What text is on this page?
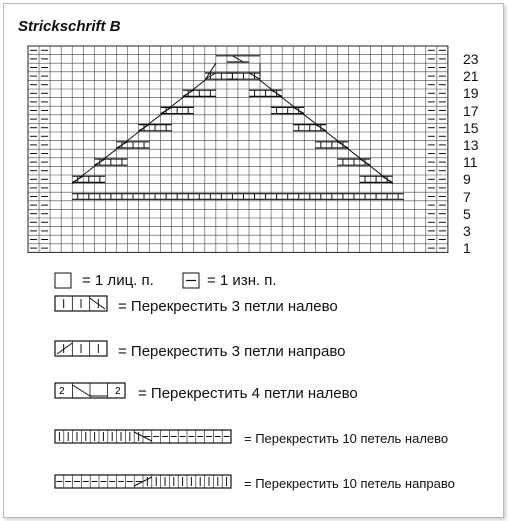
Strickschrift B
23
21
19
17
15
13
11
9
7
5
3
1
2	2
= 1 лиц. п.	= 1 изн. п.
= Перекрестить 3 петли налево
= Перекрестить 3 петли направо
= Перекрестить 4 петли налево
= Перекрестить 10 петель налево
= Перекрестить 10 петель направо
